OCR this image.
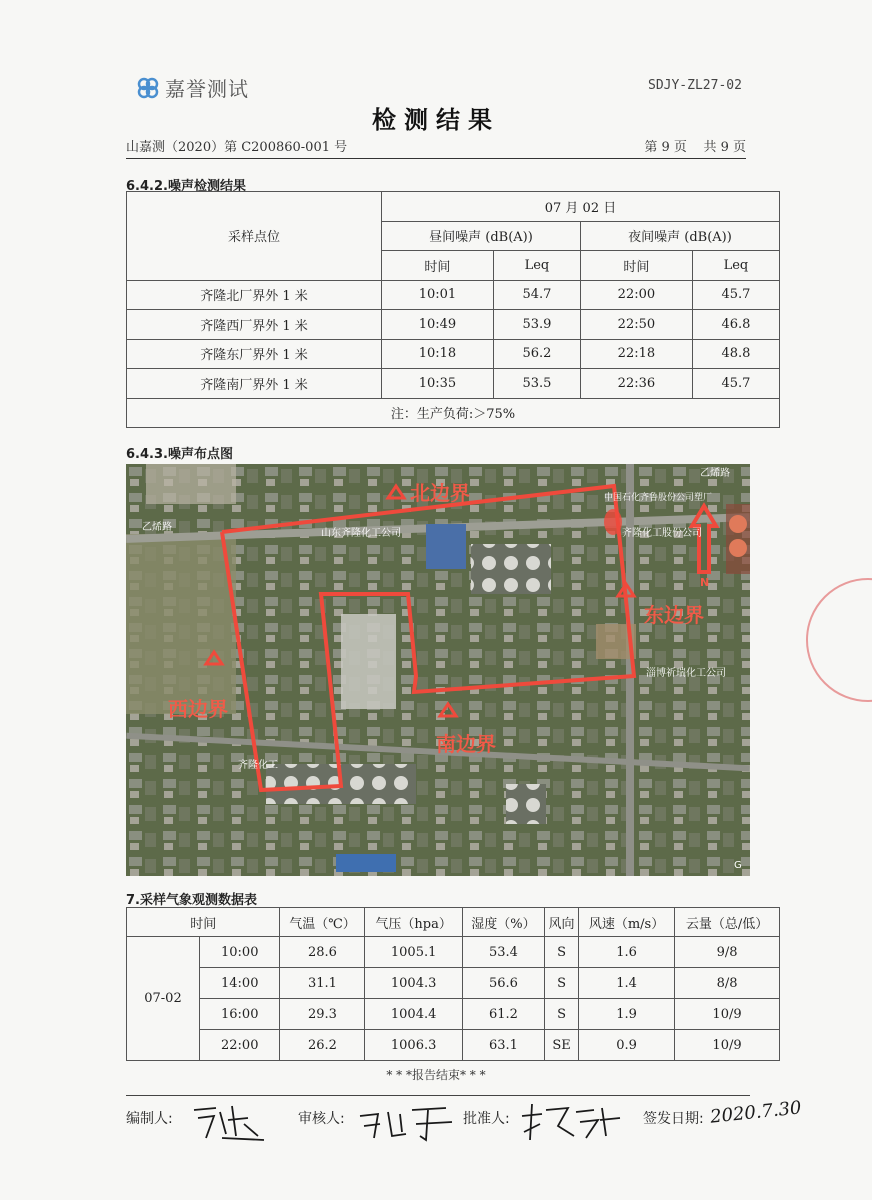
嘉誉测试	SDJY-ZL27-02
检测结果
山嘉测（2020）第 C200860-001 号	第 9 页    共 9 页
6.4.2.噪声检测结果
采样点位	07 月 02 日			
	昼间噪声 (dB(A))		夜间噪声 (dB(A))	
	时间	Leq	时间	Leq
齐隆北厂界外 1 米	10:01	54.7	22:00	45.7
齐隆西厂界外 1 米	10:49	53.9	22:50	46.8
齐隆东厂界外 1 米	10:18	56.2	22:18	48.8
齐隆南厂界外 1 米	10:35	53.5	22:36	45.7
注：生产负荷:＞75%				
6.4.3.噪声布点图
北边界
东边界
南边界
西边界
山东齐隆化工公司	齐隆化工股份公司
中国石化齐鲁股份公司塑厂
淄博祈瑞化工公司
齐隆化工
乙烯路
乙烯路
N
G
7.采样气象观测数据表
时间		气温（℃）	气压（hpa）	湿度（%）	风向	风速（m/s）	云量（总/低）
07-02	10:00	28.6	1005.1	53.4	S	1.6	9/8
	14:00	31.1	1004.3	56.6	S	1.4	8/8
	16:00	29.3	1004.4	61.2	S	1.9	10/9
	22:00	26.2	1006.3	63.1	SE	0.9	10/9
* * *报告结束* * *
编制人:	审核人:	批准人:	签发日期: 2020.7.30
